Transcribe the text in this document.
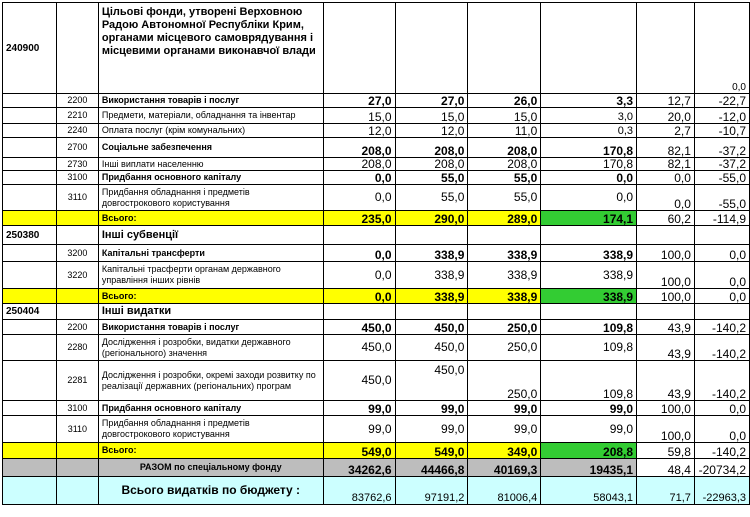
240900		Цільові фонди, утворені Верховною Радою Автономної Республіки Крим, органами місцевого самоврядування і місцевими органами виконавчої влади						0,0
	2200	Використання товарів і послуг	27,0	27,0	26,0	3,3	12,7	-22,7
	2210	Предмети, матеріали, обладнання та інвентар	15,0	15,0	15,0	3,0	20,0	-12,0
	2240	Оплата послуг (крім комунальних)	12,0	12,0	11,0	0,3	2,7	-10,7
	2700	Соціальне забезпечення	208,0	208,0	208,0	170,8	82,1	-37,2
	2730	Інші виплати населенню	208,0	208,0	208,0	170,8	82,1	-37,2
	3100	Придбання основного капіталу	0,0	55,0	55,0	0,0	0,0	-55,0
	3110	Придбання обладнання і предметів довгострокового користування	0,0	55,0	55,0	0,0	0,0	-55,0
		Всього:	235,0	290,0	289,0	174,1	60,2	-114,9
250380		Інші субвенції						
	3200	Капітальні трансферти	0,0	338,9	338,9	338,9	100,0	0,0
	3220	Капітальні трасферти органам державного управління інших рівнів	0,0	338,9	338,9	338,9	100,0	0,0
		Всього:	0,0	338,9	338,9	338,9	100,0	0,0
250404		Інші видатки						
	2200	Використання товарів і послуг	450,0	450,0	250,0	109,8	43,9	-140,2
	2280	Дослідження і розробки, видатки державного (регіонального) значення	450,0	450,0	250,0	109,8	43,9	-140,2
	2281	Дослідження і розробки, окремі заходи розвитку по реалізації державних (регіональних) програм	450,0	450,0	250,0	109,8	43,9	-140,2
	3100	Придбання основного капіталу	99,0	99,0	99,0	99,0	100,0	0,0
	3110	Придбання обладнання і предметів довгострокового користування	99,0	99,0	99,0	99,0	100,0	0,0
		Всього:	549,0	549,0	349,0	208,8	59,8	-140,2
		РАЗОМ по спеціальному фонду	34262,6	44466,8	40169,3	19435,1	48,4	-20734,2
		Всього видатків по бюджету :	83762,6	97191,2	81006,4	58043,1	71,7	-22963,3
